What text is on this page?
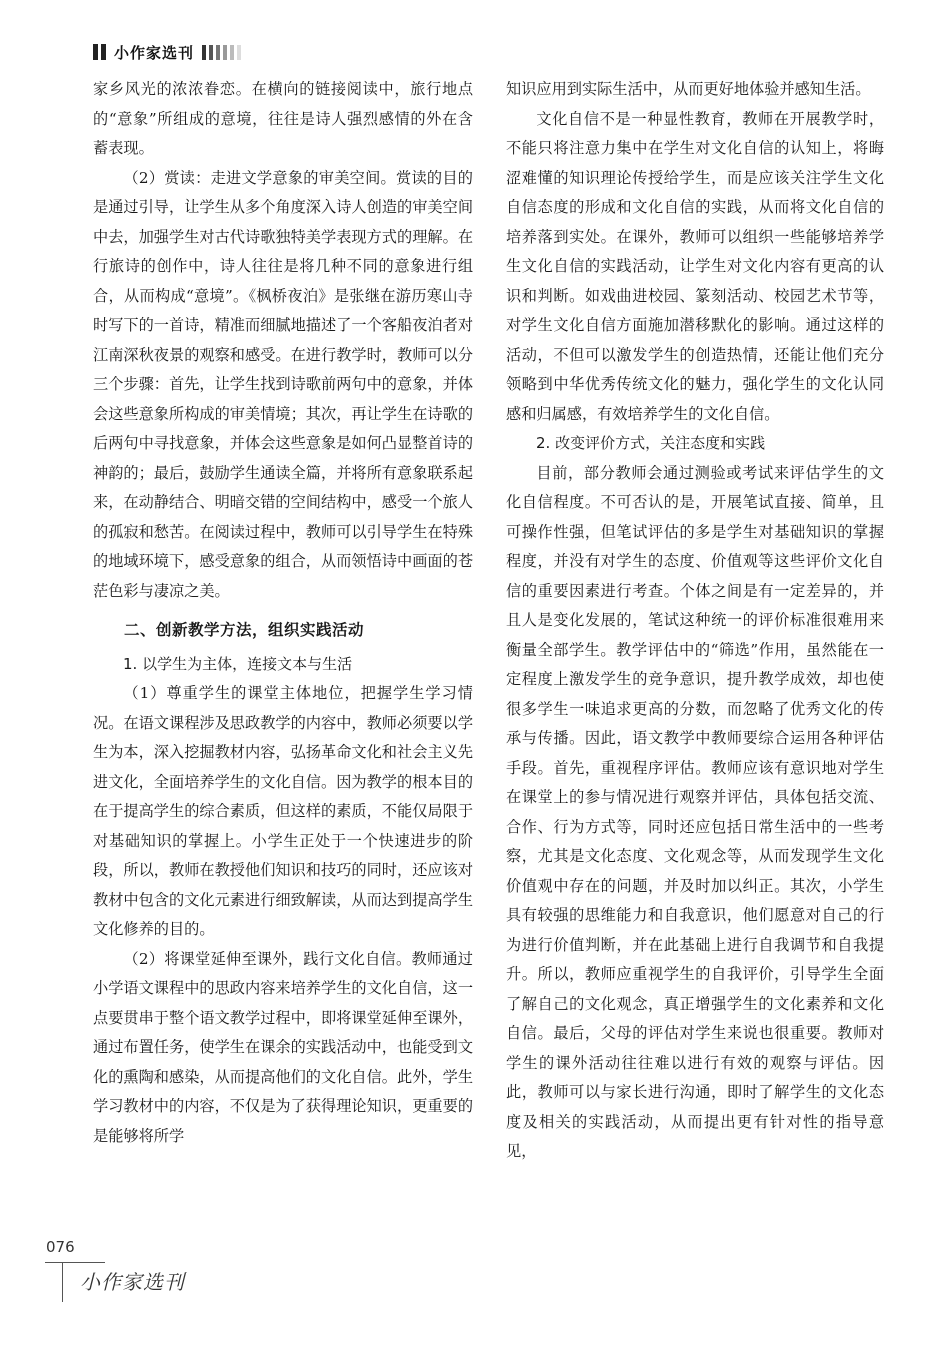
小作家选刊

家乡风光的浓浓眷恋。在横向的链接阅读中，旅行地点的“意象”所组成的意境，往往是诗人强烈感情的外在含蓄表现。

（2）赏读：走进文学意象的审美空间。赏读的目的是通过引导，让学生从多个角度深入诗人创造的审美空间中去，加强学生对古代诗歌独特美学表现方式的理解。在行旅诗的创作中，诗人往往是将几种不同的意象进行组合，从而构成“意境”。《枫桥夜泊》是张继在游历寒山寺时写下的一首诗，精准而细腻地描述了一个客船夜泊者对江南深秋夜景的观察和感受。在进行教学时，教师可以分三个步骤：首先，让学生找到诗歌前两句中的意象，并体会这些意象所构成的审美情境；其次，再让学生在诗歌的后两句中寻找意象，并体会这些意象是如何凸显整首诗的神韵的；最后，鼓励学生通读全篇，并将所有意象联系起来，在动静结合、明暗交错的空间结构中，感受一个旅人的孤寂和愁苦。在阅读过程中，教师可以引导学生在特殊的地域环境下，感受意象的组合，从而领悟诗中画面的苍茫色彩与凄凉之美。

二、创新教学方法，组织实践活动

1. 以学生为主体，连接文本与生活

（1）尊重学生的课堂主体地位，把握学生学习情况。在语文课程涉及思政教学的内容中，教师必须要以学生为本，深入挖掘教材内容，弘扬革命文化和社会主义先进文化，全面培养学生的文化自信。因为教学的根本目的在于提高学生的综合素质，但这样的素质，不能仅局限于对基础知识的掌握上。小学生正处于一个快速进步的阶段，所以，教师在教授他们知识和技巧的同时，还应该对教材中包含的文化元素进行细致解读，从而达到提高学生文化修养的目的。

（2）将课堂延伸至课外，践行文化自信。教师通过小学语文课程中的思政内容来培养学生的文化自信，这一点要贯串于整个语文教学过程中，即将课堂延伸至课外，通过布置任务，使学生在课余的实践活动中，也能受到文化的熏陶和感染，从而提高他们的文化自信。此外，学生学习教材中的内容，不仅是为了获得理论知识，更重要的是能够将所学

知识应用到实际生活中，从而更好地体验并感知生活。

文化自信不是一种显性教育，教师在开展教学时，不能只将注意力集中在学生对文化自信的认知上，将晦涩难懂的知识理论传授给学生，而是应该关注学生文化自信态度的形成和文化自信的实践，从而将文化自信的培养落到实处。在课外，教师可以组织一些能够培养学生文化自信的实践活动，让学生对文化内容有更高的认识和判断。如戏曲进校园、篆刻活动、校园艺术节等，对学生文化自信方面施加潜移默化的影响。通过这样的活动，不但可以激发学生的创造热情，还能让他们充分领略到中华优秀传统文化的魅力，强化学生的文化认同感和归属感，有效培养学生的文化自信。

2. 改变评价方式，关注态度和实践

目前，部分教师会通过测验或考试来评估学生的文化自信程度。不可否认的是，开展笔试直接、简单，且可操作性强，但笔试评估的多是学生对基础知识的掌握程度，并没有对学生的态度、价值观等这些评价文化自信的重要因素进行考查。个体之间是有一定差异的，并且人是变化发展的，笔试这种统一的评价标准很难用来衡量全部学生。教学评估中的“筛选”作用，虽然能在一定程度上激发学生的竞争意识，提升教学成效，却也使很多学生一味追求更高的分数，而忽略了优秀文化的传承与传播。因此，语文教学中教师要综合运用各种评估手段。首先，重视程序评估。教师应该有意识地对学生在课堂上的参与情况进行观察并评估，具体包括交流、合作、行为方式等，同时还应包括日常生活中的一些考察，尤其是文化态度、文化观念等，从而发现学生文化价值观中存在的问题，并及时加以纠正。其次，小学生具有较强的思维能力和自我意识，他们愿意对自己的行为进行价值判断，并在此基础上进行自我调节和自我提升。所以，教师应重视学生的自我评价，引导学生全面了解自己的文化观念，真正增强学生的文化素养和文化自信。最后，父母的评估对学生来说也很重要。教师对学生的课外活动往往难以进行有效的观察与评估。因此，教师可以与家长进行沟通，即时了解学生的文化态度及相关的实践活动，从而提出更有针对性的指导意见，

076
小作家选刊
